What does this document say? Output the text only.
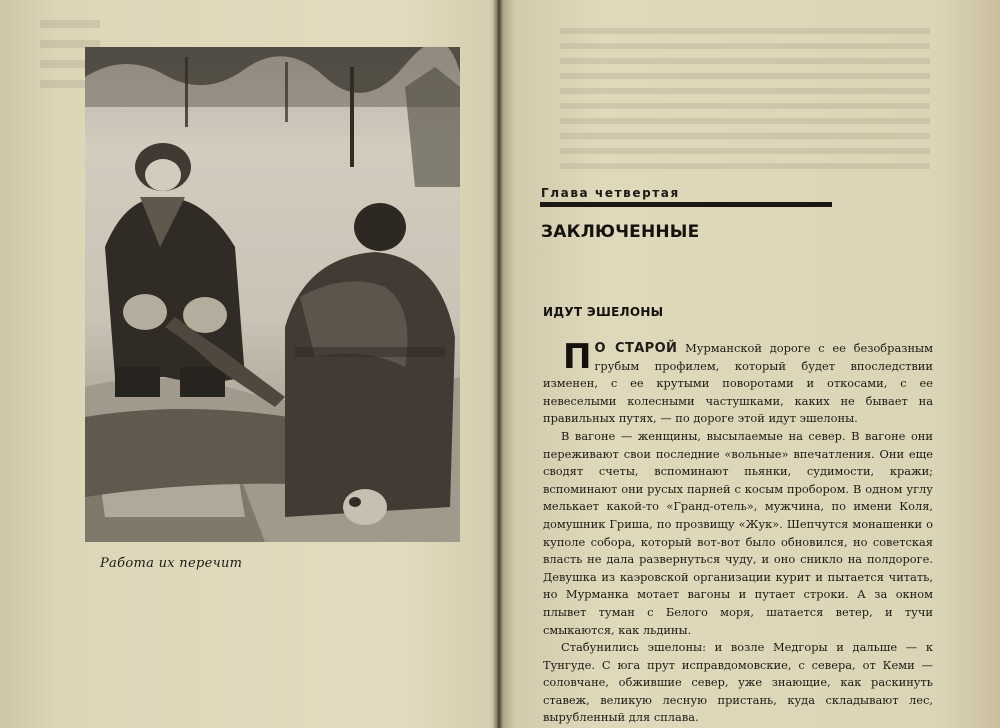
Работа их перечит
Глава четвертая
ЗАКЛЮЧЕННЫЕ
ИДУТ ЭШЕЛОНЫ

П О СТАРОЙ Мурманской дороге с ее безобразным грубым профилем, который будет впоследствии изменен, с ее крутыми поворотами и откосами, с ее невеселыми колесными частушками, каких не бывает на правильных путях, — по дороге этой идут эшелоны.

В вагоне — женщины, высылаемые на север. В вагоне они переживают свои последние «вольные» впечатления. Они еще сводят счеты, вспоминают пьянки, судимости, кражи; вспоминают они русых парней с косым пробором. В одном углу мелькает какой-то «Гранд-отель», мужчина, по имени Коля, домушник Гриша, по прозвищу «Жук». Шепчутся монашенки о куполе собора, который вот-вот было обновился, но советская власть не дала развернуться чуду, и оно сникло на полдороге. Девушка из каэровской организации курит и пытается читать, но Мурманка мотает вагоны и путает строки. А за окном плывет туман с Белого моря, шатается ветер, и тучи смыкаются, как льдины.

Стабунились эшелоны: и возле Медгоры и дальше — к Тунгуде. С юга прут исправдомовские, с севера, от Кеми — соловчане, обжившие север, уже знающие, как раскинуть ставеж, великую лесную пристань, куда складывают лес, вырубленный для сплава.
